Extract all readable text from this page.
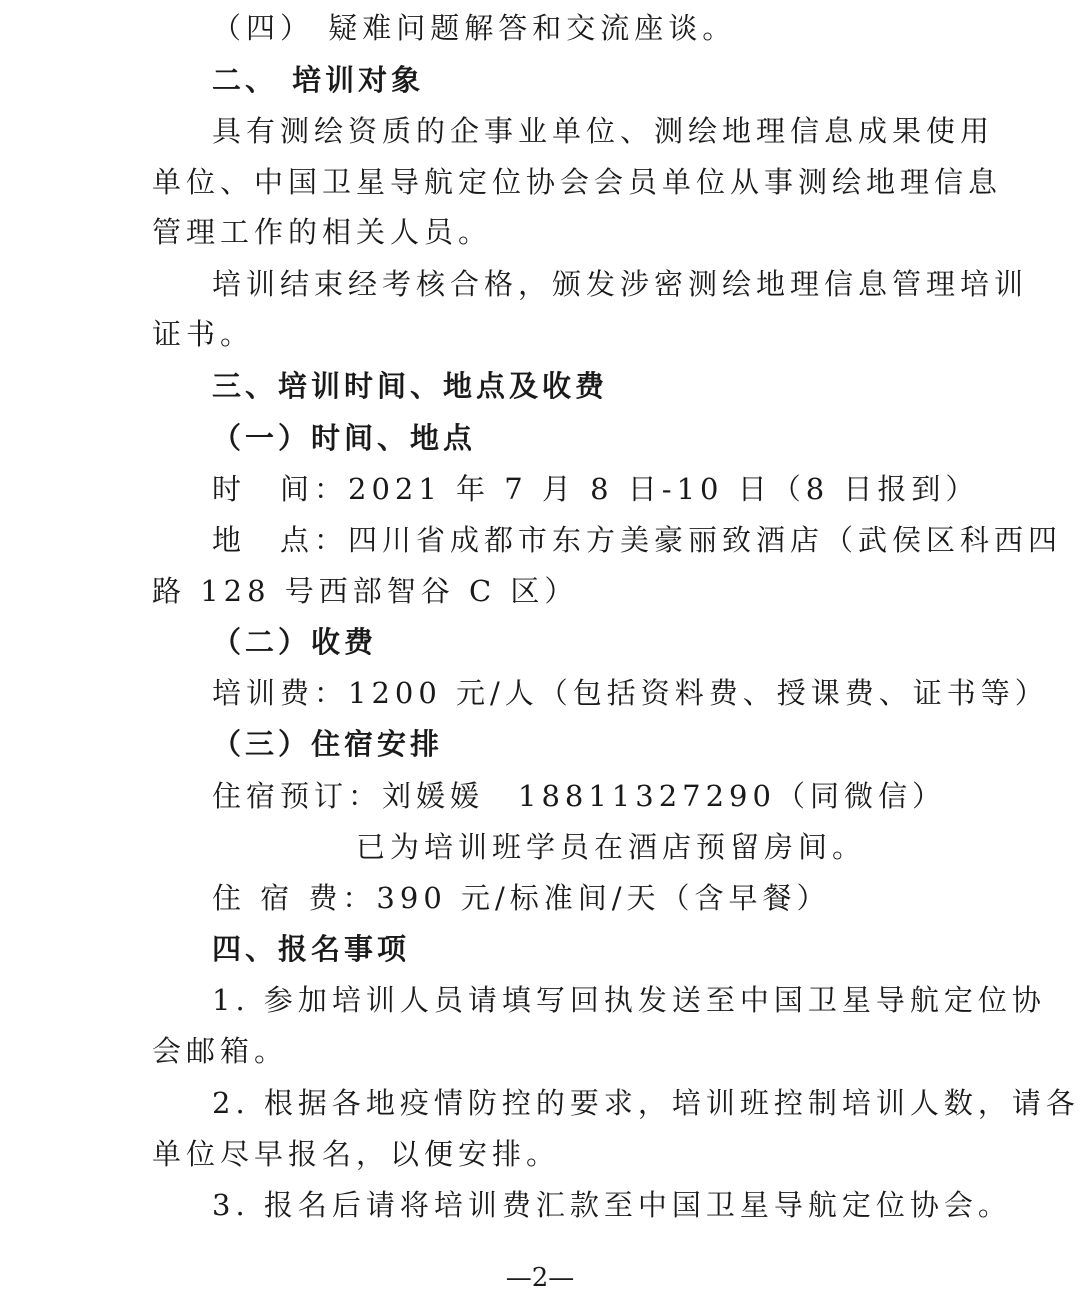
（四） 疑难问题解答和交流座谈。
二、 培训对象
具有测绘资质的企事业单位、测绘地理信息成果使用
单位、中国卫星导航定位协会会员单位从事测绘地理信息
管理工作的相关人员。
培训结束经考核合格，颁发涉密测绘地理信息管理培训
证书。
三、培训时间、地点及收费
（一）时间、地点
时　间：2021 年 7 月 8 日-10 日（8 日报到）
地　点：四川省成都市东方美豪丽致酒店（武侯区科西四
路 128 号西部智谷 C 区）
（二）收费
培训费：1200 元/人（包括资料费、授课费、证书等）
（三）住宿安排
住宿预订：刘媛媛　18811327290（同微信）
已为培训班学员在酒店预留房间。
住 宿 费：390 元/标准间/天（含早餐）
四、报名事项
1. 参加培训人员请填写回执发送至中国卫星导航定位协
会邮箱。
2. 根据各地疫情防控的要求，培训班控制培训人数，请各
单位尽早报名，以便安排。
3. 报名后请将培训费汇款至中国卫星导航定位协会。
—2—
